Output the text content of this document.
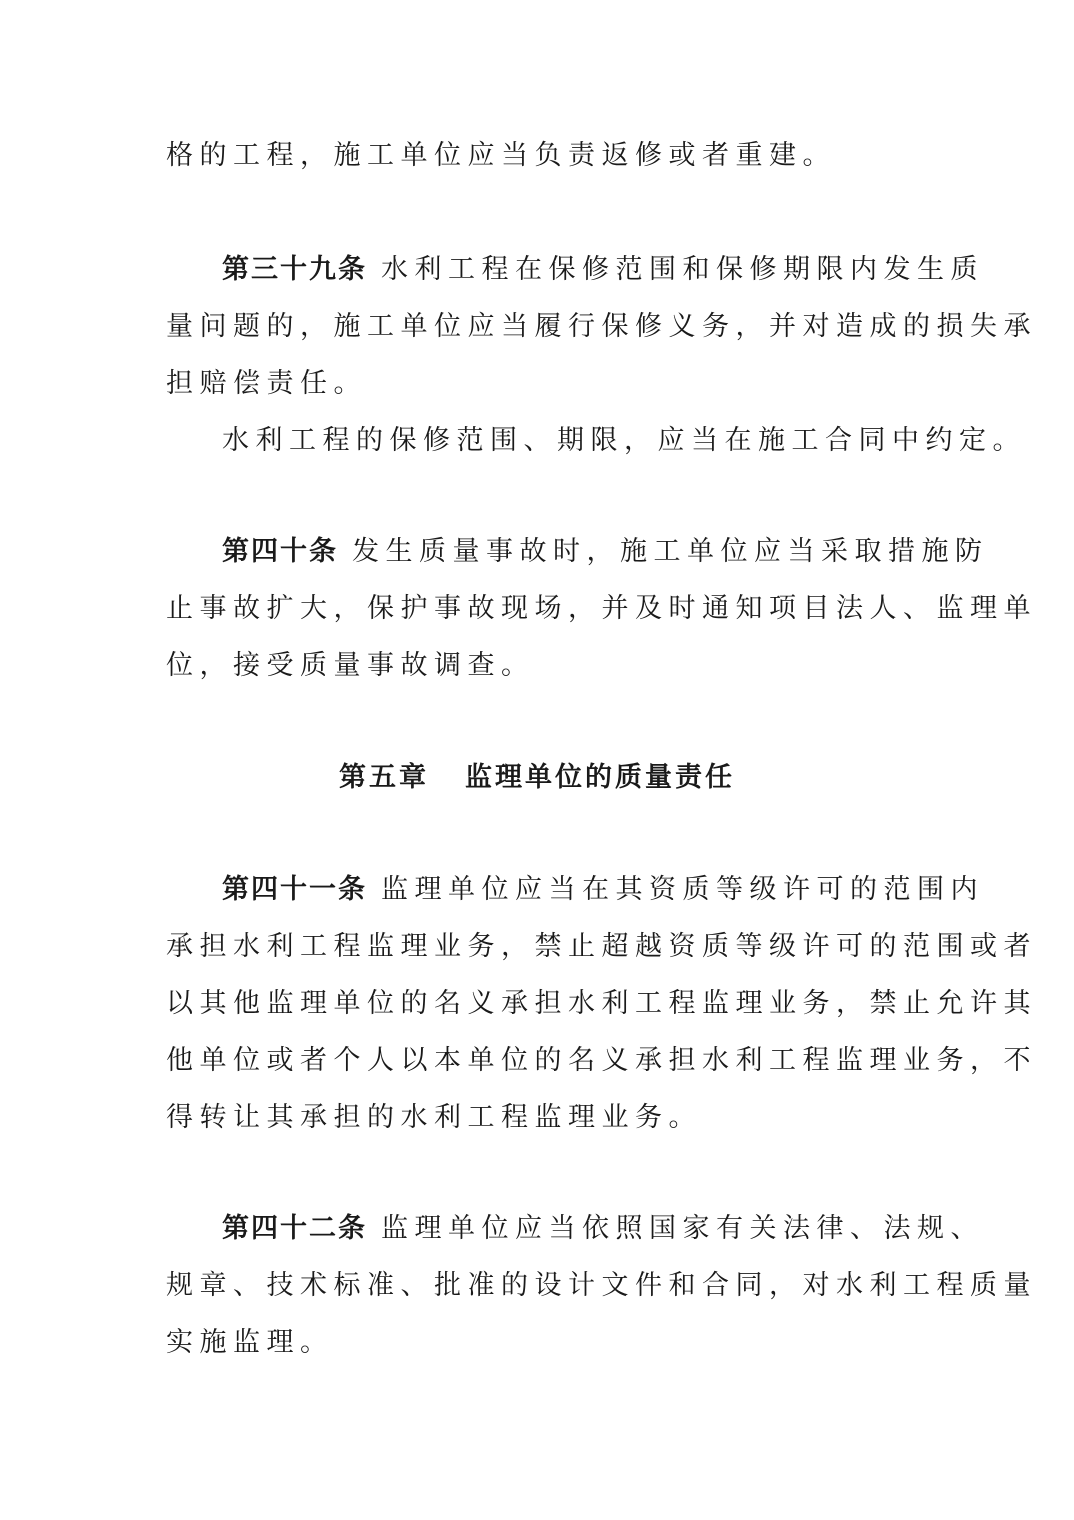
格的工程，施工单位应当负责返修或者重建。
第三十九条 水利工程在保修范围和保修期限内发生质
量问题的，施工单位应当履行保修义务，并对造成的损失承
担赔偿责任。
水利工程的保修范围、期限，应当在施工合同中约定。
第四十条 发生质量事故时，施工单位应当采取措施防
止事故扩大，保护事故现场，并及时通知项目法人、监理单
位，接受质量事故调查。
第五章 监理单位的质量责任
第四十一条 监理单位应当在其资质等级许可的范围内
承担水利工程监理业务，禁止超越资质等级许可的范围或者
以其他监理单位的名义承担水利工程监理业务，禁止允许其
他单位或者个人以本单位的名义承担水利工程监理业务，不
得转让其承担的水利工程监理业务。
第四十二条 监理单位应当依照国家有关法律、法规、
规章、技术标准、批准的设计文件和合同，对水利工程质量
实施监理。
